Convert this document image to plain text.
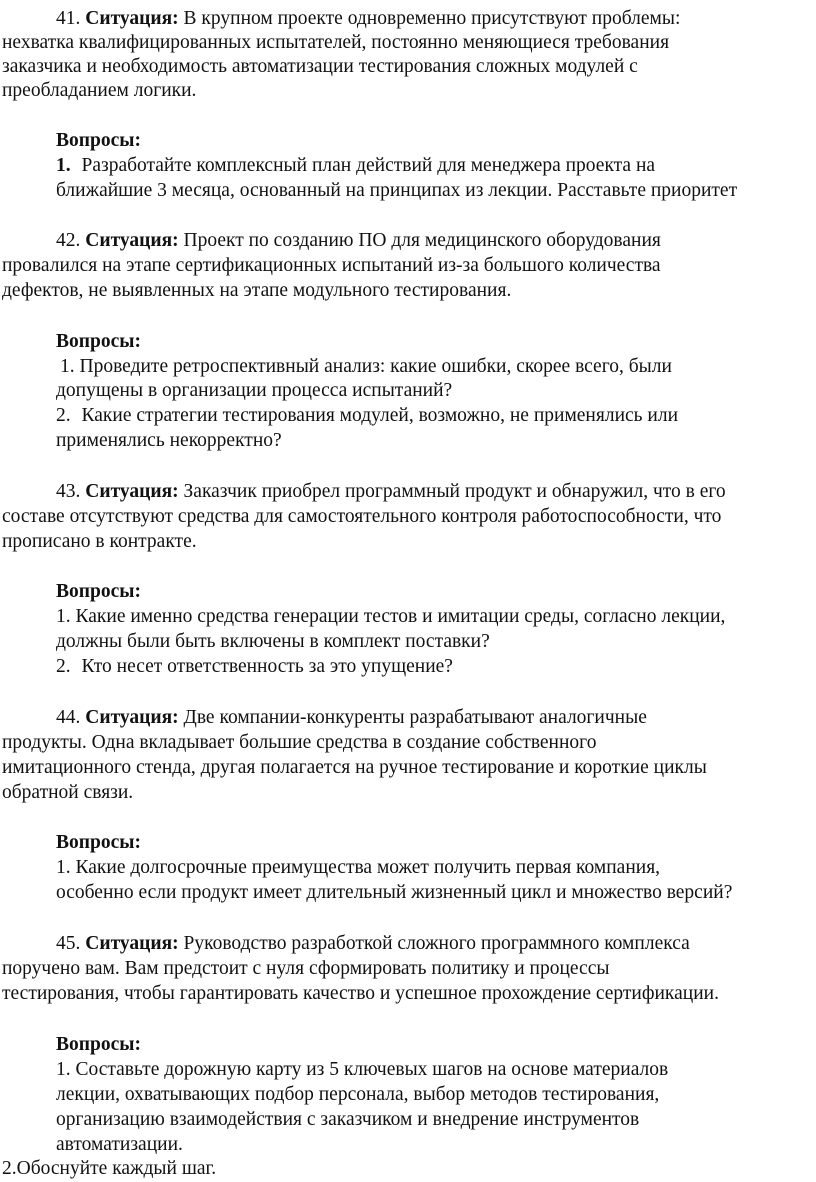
41. Ситуация: В крупном проекте одновременно присутствуют проблемы:
нехватка квалифицированных испытателей, постоянно меняющиеся требования
заказчика и необходимость автоматизации тестирования сложных модулей с
преобладанием логики.
Вопросы:
1. Разработайте комплексный план действий для менеджера проекта на
ближайшие 3 месяца, основанный на принципах из лекции. Расставьте приоритет
42. Ситуация: Проект по созданию ПО для медицинского оборудования
провалился на этапе сертификационных испытаний из-за большого количества
дефектов, не выявленных на этапе модульного тестирования.
Вопросы:
1. Проведите ретроспективный анализ: какие ошибки, скорее всего, были
допущены в организации процесса испытаний?
2. Какие стратегии тестирования модулей, возможно, не применялись или
применялись некорректно?
43. Ситуация: Заказчик приобрел программный продукт и обнаружил, что в его
составе отсутствуют средства для самостоятельного контроля работоспособности, что
прописано в контракте.
Вопросы:
1. Какие именно средства генерации тестов и имитации среды, согласно лекции,
должны были быть включены в комплект поставки?
2. Кто несет ответственность за это упущение?
44. Ситуация: Две компании-конкуренты разрабатывают аналогичные
продукты. Одна вкладывает большие средства в создание собственного
имитационного стенда, другая полагается на ручное тестирование и короткие циклы
обратной связи.
Вопросы:
1. Какие долгосрочные преимущества может получить первая компания,
особенно если продукт имеет длительный жизненный цикл и множество версий?
45. Ситуация: Руководство разработкой сложного программного комплекса
поручено вам. Вам предстоит с нуля сформировать политику и процессы
тестирования, чтобы гарантировать качество и успешное прохождение сертификации.
Вопросы:
1. Составьте дорожную карту из 5 ключевых шагов на основе материалов
лекции, охватывающих подбор персонала, выбор методов тестирования,
организацию взаимодействия с заказчиком и внедрение инструментов
автоматизации.
2.Обоснуйте каждый шаг.
